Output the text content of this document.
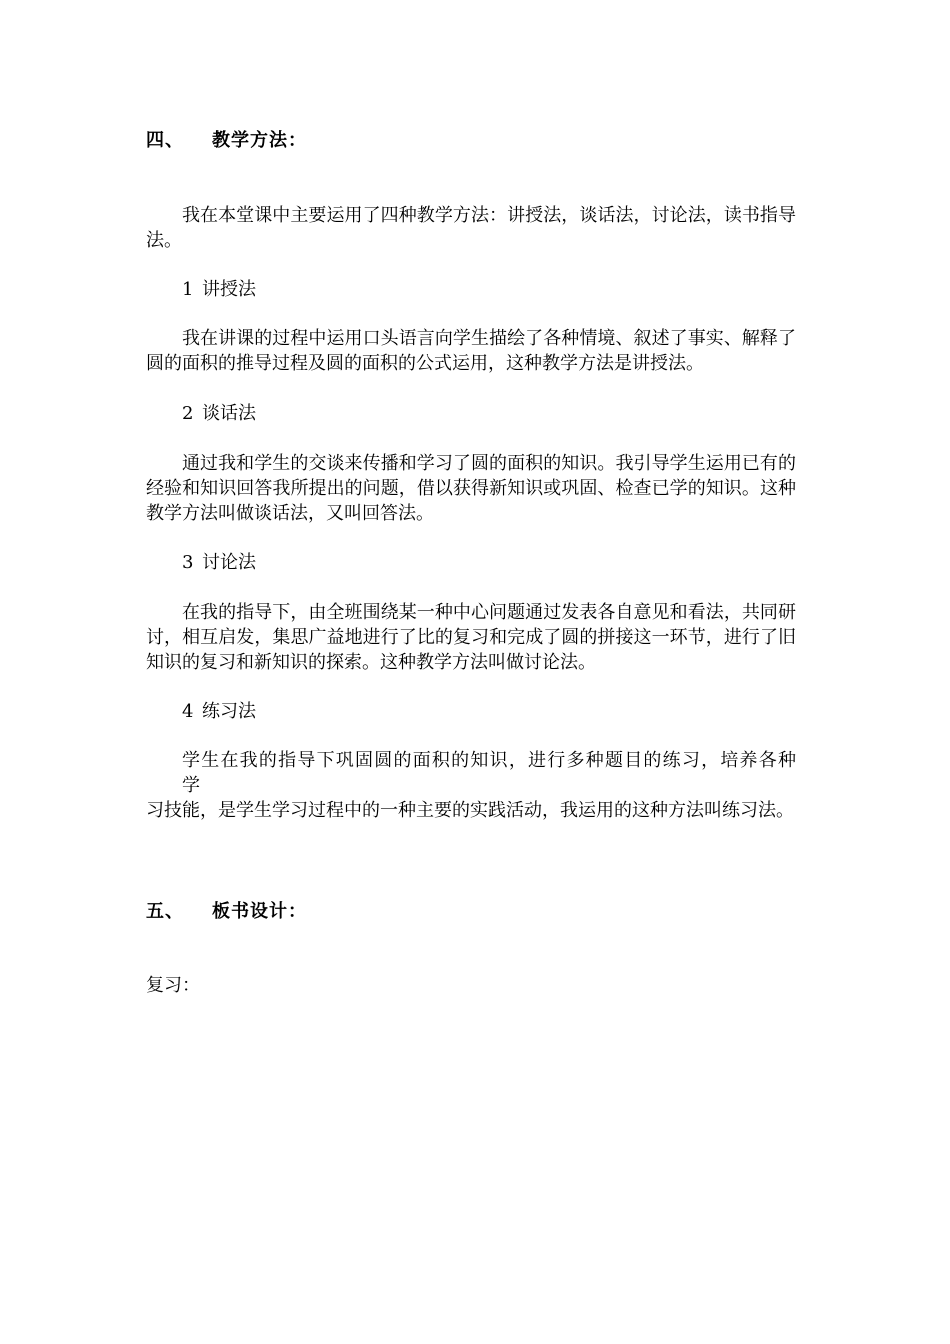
四、 教学方法：
我在本堂课中主要运用了四种教学方法：讲授法，谈话法，讨论法，读书指导法。
1 讲授法
我在讲课的过程中运用口头语言向学生描绘了各种情境、叙述了事实、解释了圆的面积的推导过程及圆的面积的公式运用，这种教学方法是讲授法。
2 谈话法
通过我和学生的交谈来传播和学习了圆的面积的知识。我引导学生运用已有的经验和知识回答我所提出的问题，借以获得新知识或巩固、检查已学的知识。这种教学方法叫做谈话法，又叫回答法。
3 讨论法
在我的指导下，由全班围绕某一种中心问题通过发表各自意见和看法，共同研讨，相互启发，集思广益地进行了比的复习和完成了圆的拼接这一环节，进行了旧知识的复习和新知识的探索。这种教学方法叫做讨论法。
4 练习法
学生在我的指导下巩固圆的面积的知识，进行多种题目的练习，培养各种
学
习技能，是学生学习过程中的一种主要的实践活动，我运用的这种方法叫练习法。
五、 板书设计：
复习：
